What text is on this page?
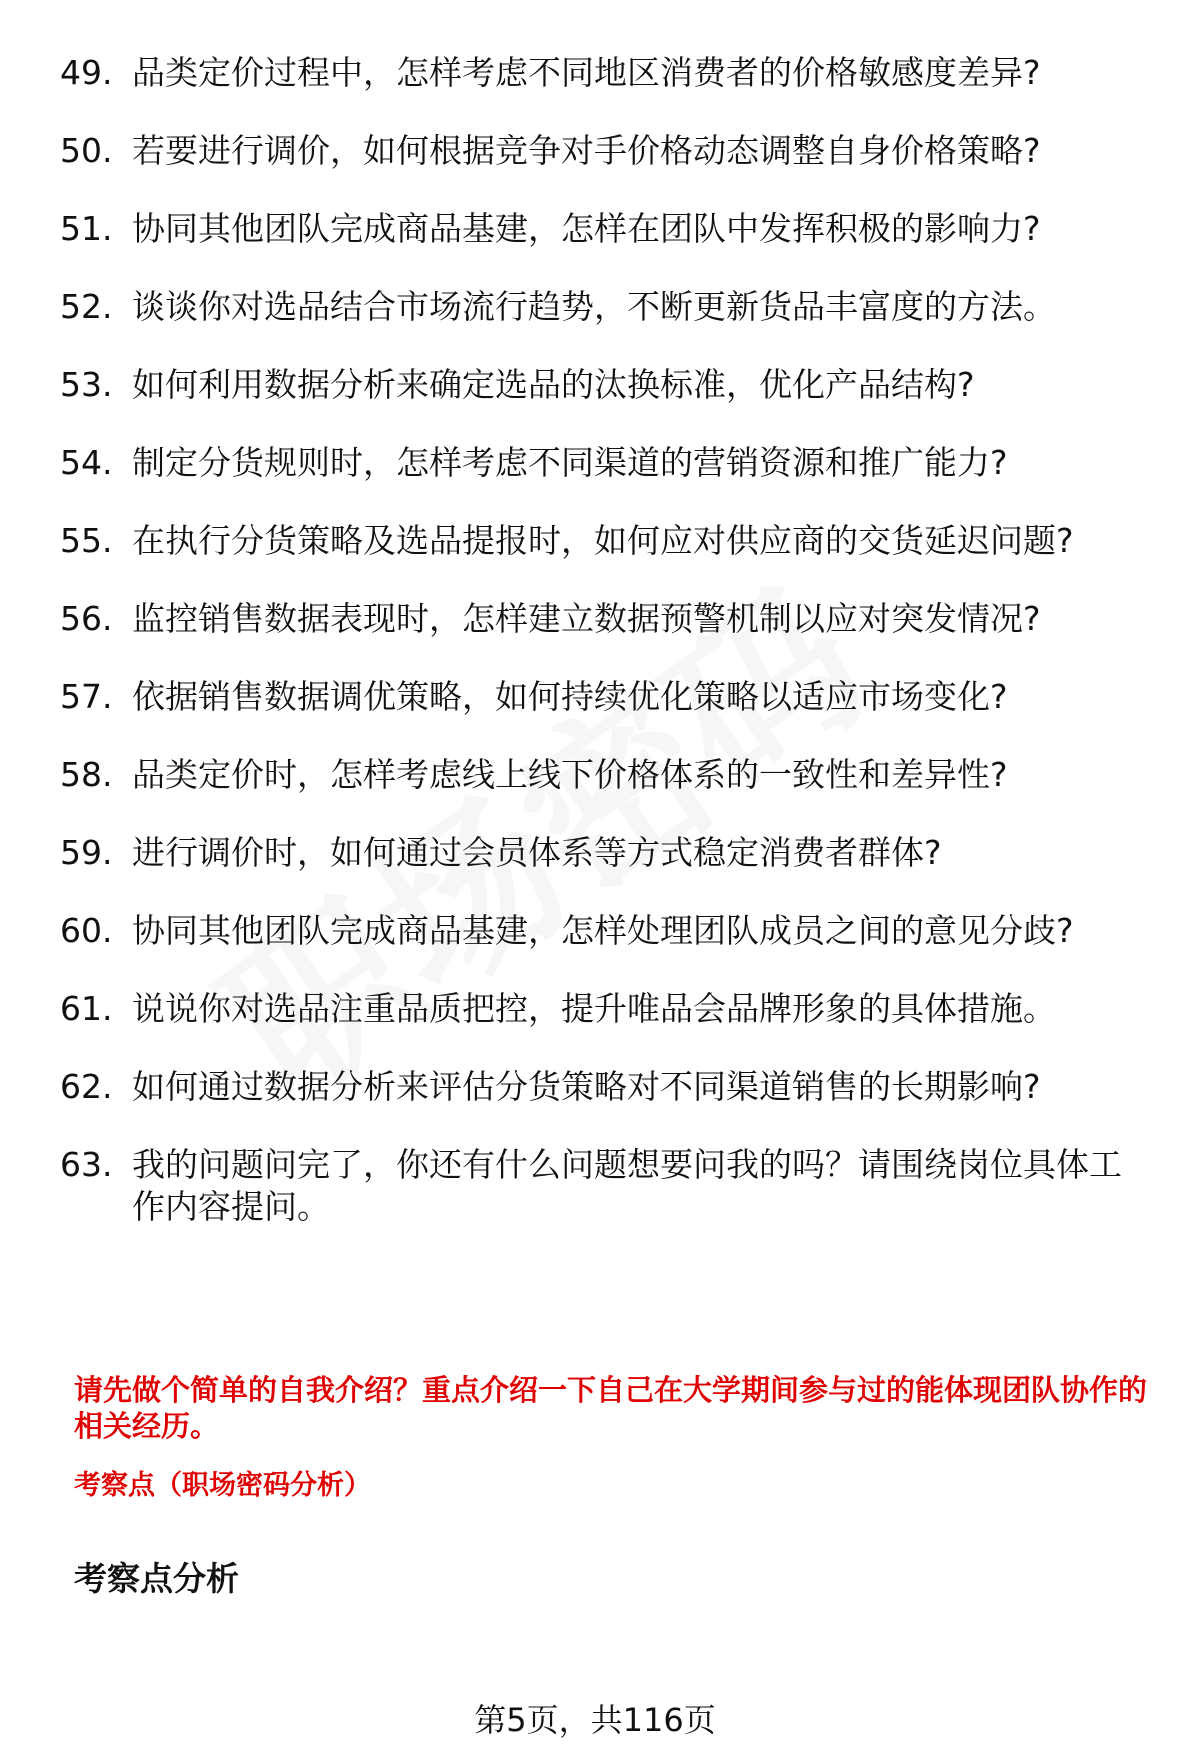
49. 品类定价过程中，怎样考虑不同地区消费者的价格敏感度差异?
50. 若要进行调价，如何根据竞争对手价格动态调整自身价格策略?
51. 协同其他团队完成商品基建，怎样在团队中发挥积极的影响力?
52. 谈谈你对选品结合市场流行趋势，不断更新货品丰富度的方法。
53. 如何利用数据分析来确定选品的汰换标准，优化产品结构?
54. 制定分货规则时，怎样考虑不同渠道的营销资源和推广能力?
55. 在执行分货策略及选品提报时，如何应对供应商的交货延迟问题?
56. 监控销售数据表现时，怎样建立数据预警机制以应对突发情况?
57. 依据销售数据调优策略，如何持续优化策略以适应市场变化?
58. 品类定价时，怎样考虑线上线下价格体系的一致性和差异性?
59. 进行调价时，如何通过会员体系等方式稳定消费者群体?
60. 协同其他团队完成商品基建，怎样处理团队成员之间的意见分歧?
61. 说说你对选品注重品质把控，提升唯品会品牌形象的具体措施。
62. 如何通过数据分析来评估分货策略对不同渠道销售的长期影响?
63. 我的问题问完了，你还有什么问题想要问我的吗？请围绕岗位具体工作内容提问。
请先做个简单的自我介绍？重点介绍一下自己在大学期间参与过的能体现团队协作的相关经历。
考察点（职场密码分析）
考察点分析
第5页，共116页
